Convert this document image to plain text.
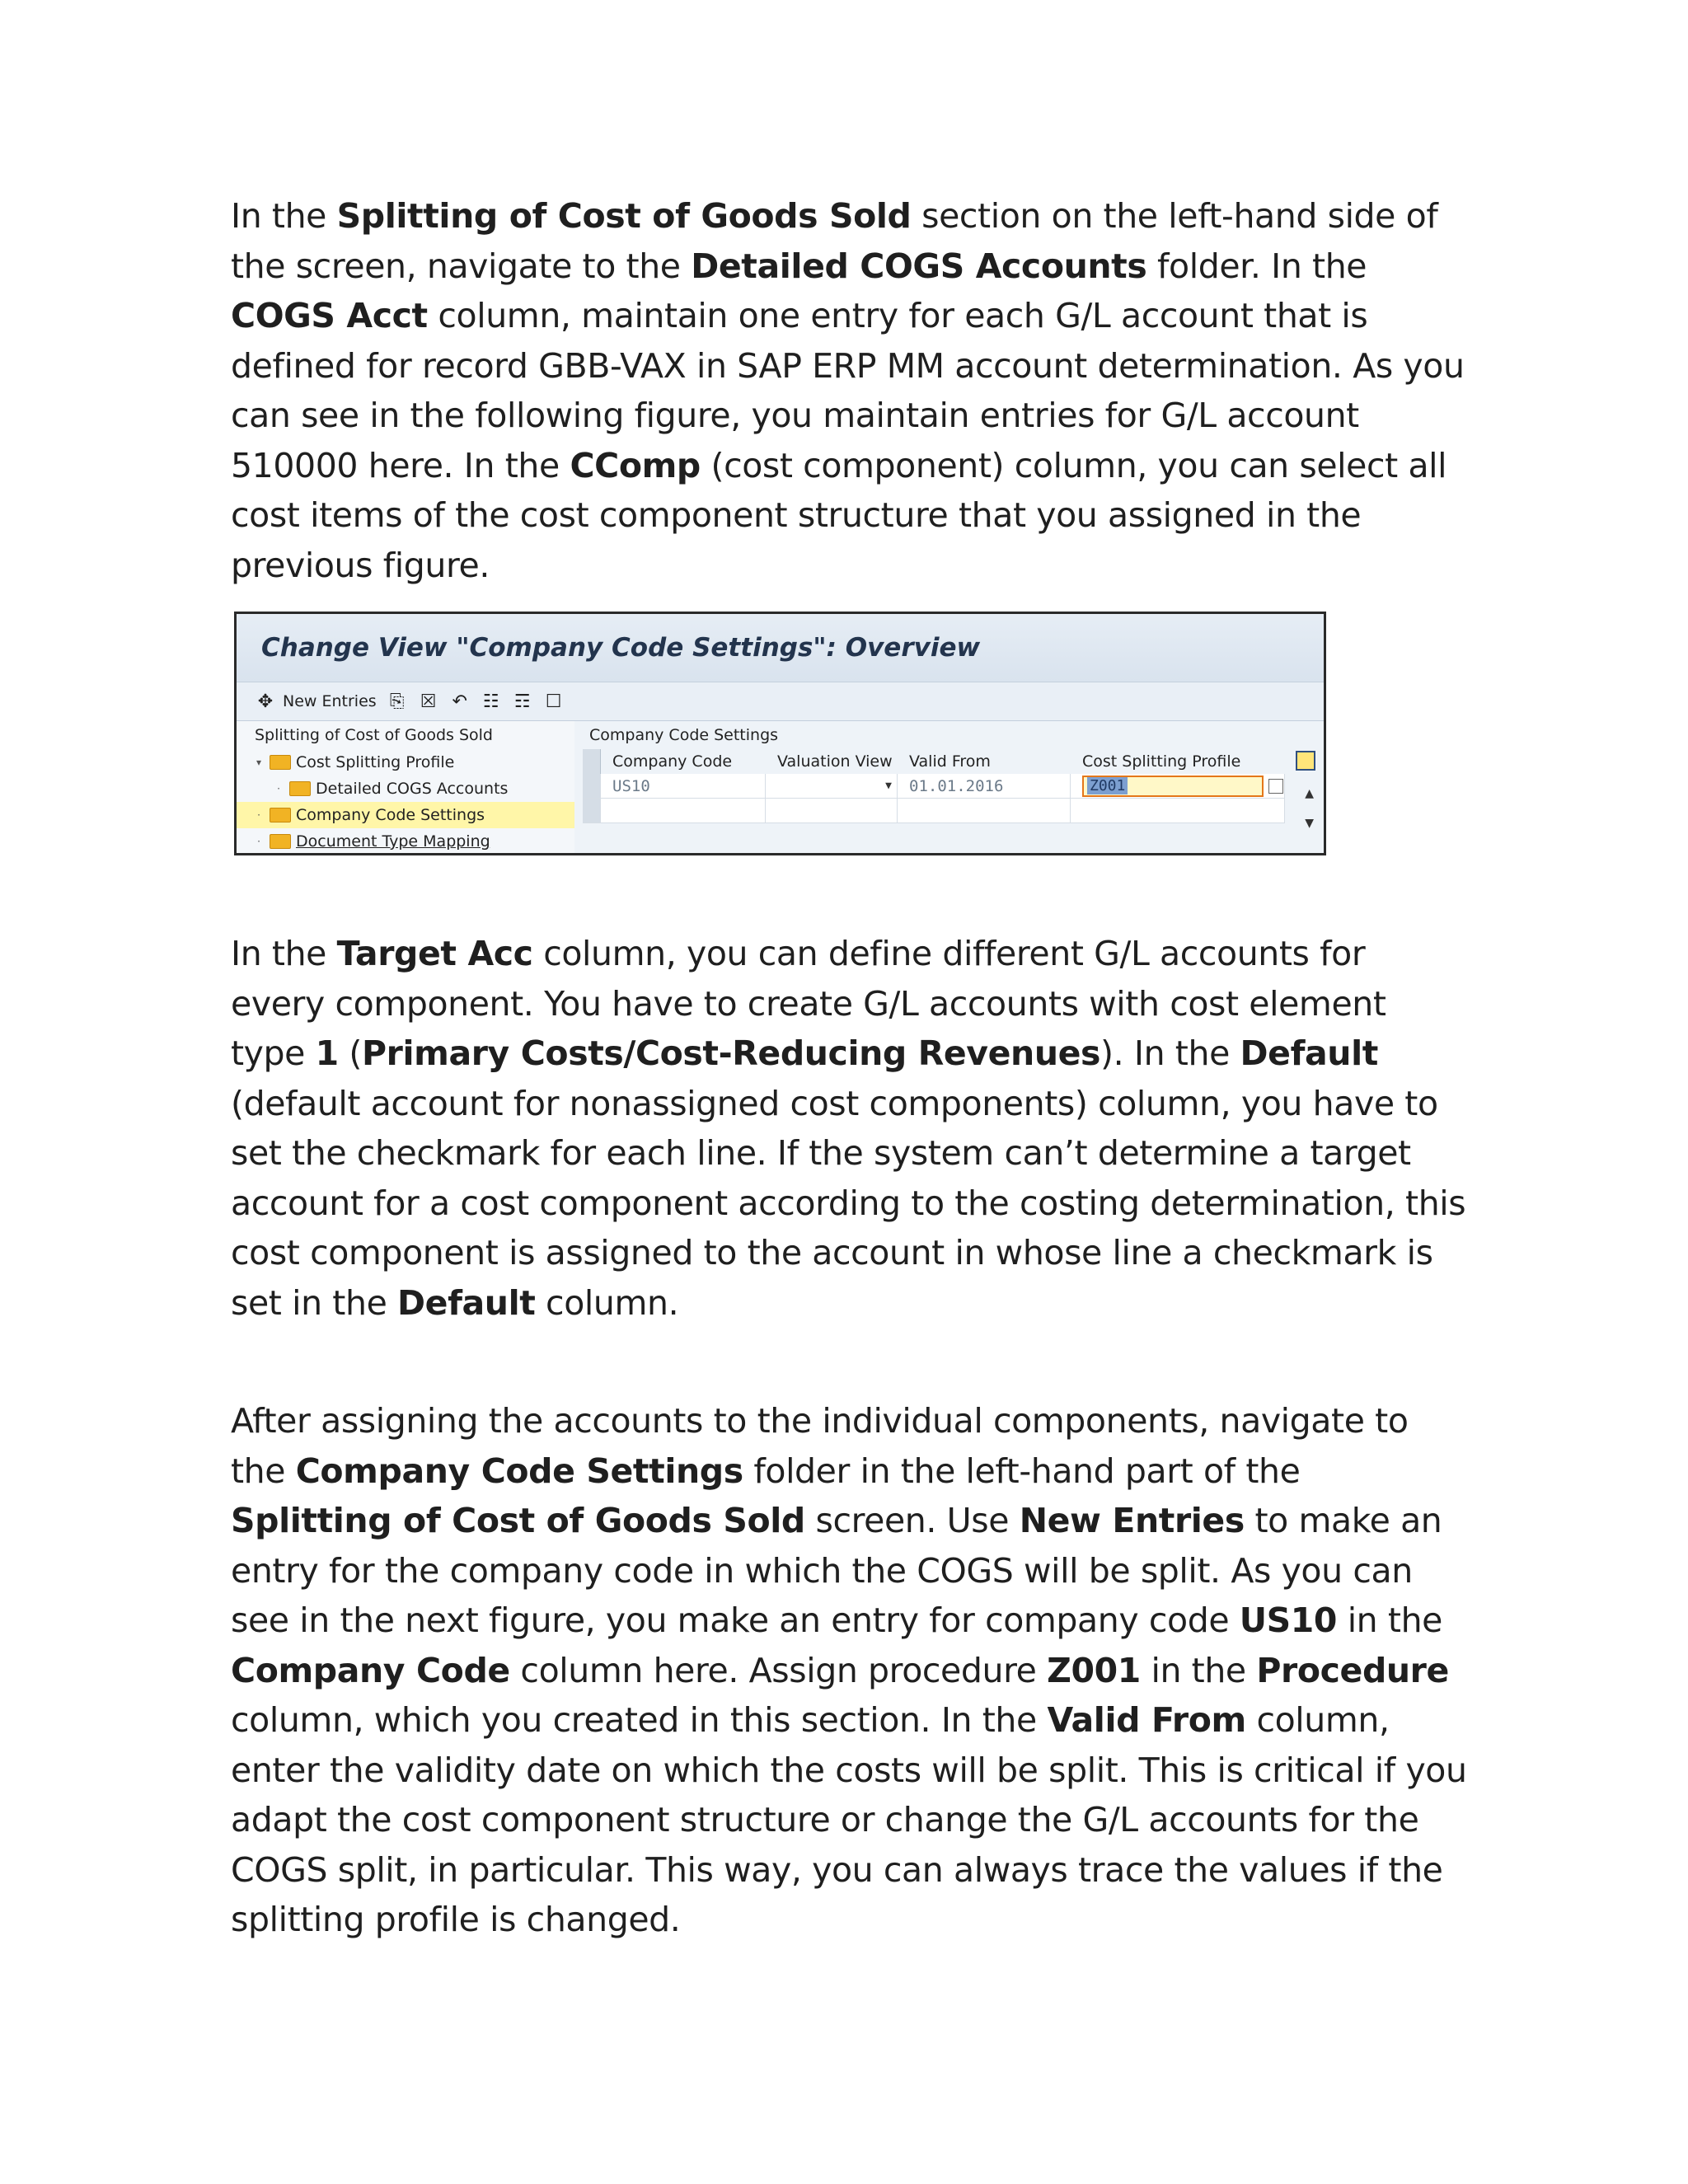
In the Splitting of Cost of Goods Sold section on the left-hand side of the screen, navigate to the Detailed COGS Accounts folder. In the COGS Acct column, maintain one entry for each G/L account that is defined for record GBB-VAX in SAP ERP MM account determination. As you can see in the following figure, you maintain entries for G/L account 510000 here. In the CComp (cost component) column, you can select all cost items of the cost component structure that you assigned in the previous figure.

In the Target Acc column, you can define different G/L accounts for every component. You have to create G/L accounts with cost element type 1 (Primary Costs/Cost-Reducing Revenues). In the Default (default account for nonassigned cost components) column, you have to set the checkmark for each line. If the system can’t determine a target account for a cost component according to the costing determination, this cost component is assigned to the account in whose line a checkmark is set in the Default column.

After assigning the accounts to the individual components, navigate to the Company Code Settings folder in the left-hand part of the Splitting of Cost of Goods Sold screen. Use New Entries to make an entry for the company code in which the COGS will be split. As you can see in the next figure, you make an entry for company code US10 in the Company Code column here. Assign procedure Z001 in the Procedure column, which you created in this section. In the Valid From column, enter the validity date on which the costs will be split. This is critical if you adapt the cost component structure or change the G/L accounts for the COGS split, in particular. This way, you can always trace the values if the splitting profile is changed.

Change View "Company Code Settings": Overview
✥ New Entries ⎘ ☒ ↶ ☷ ☶ ☐
Splitting of Cost of Goods Sold
▾ Cost Splitting Profile
· Detailed COGS Accounts
· Company Code Settings
· Document Type Mapping
Company Code Settings
Company Code	Valuation View	Valid From	Cost Splitting Profile
US10	▼	01.01.2016	Z001	▲
▼
